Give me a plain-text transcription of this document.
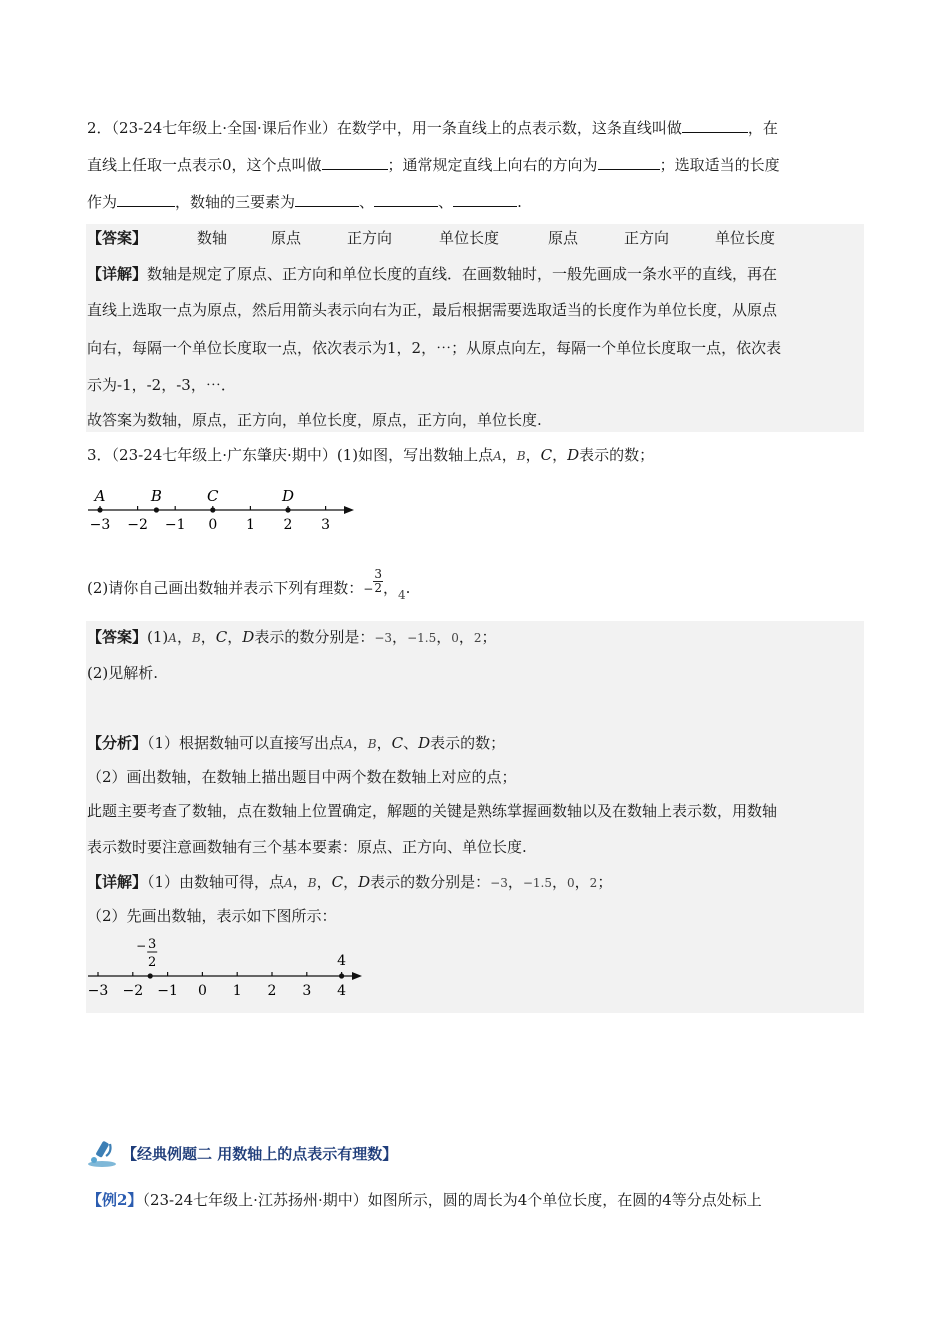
2．（23-24七年级上·全国·课后作业）在数学中，用一条直线上的点表示数，这条直线叫做	，在
直线上任取一点表示0，这个点叫做	；通常规定直线上向右的方向为	；选取适当的长度
作为	，数轴的三要素为	、	、	.
【答案】	数轴	原点	正方向	单位长度	原点	正方向	单位长度
【详解】数轴是规定了原点、正方向和单位长度的直线．在画数轴时，一般先画成一条水平的直线，再在
直线上选取一点为原点，然后用箭头表示向右为正，最后根据需要选取适当的长度作为单位长度，从原点
向右，每隔一个单位长度取一点，依次表示为1，2，⋯；从原点向左，每隔一个单位长度取一点，依次表
示为-1，-2，-3，⋯．
故答案为数轴，原点，正方向，单位长度，原点，正方向，单位长度.
3．（23-24七年级上·广东肇庆·期中）(1)如图，写出数轴上点A，B，C，D表示的数；
−3 −2 −1 0 1 2 3
A	B	C	D
(2)请你自己画出数轴并表示下列有理数：− $\frac{3}{2}$ ，$_4$.
【答案】(1)A，B，C，D表示的数分别是：−3，−1.5，0，2；
(2)见解析.
【分析】（1）根据数轴可以直接写出点A，B，C、D表示的数；
（2）画出数轴，在数轴上描出题目中两个数在数轴上对应的点；
此题主要考查了数轴，点在数轴上位置确定，解题的关键是熟练掌握画数轴以及在数轴上表示数，用数轴
表示数时要注意画数轴有三个基本要素：原点、正方向、单位长度.
【详解】（1）由数轴可得，点A，B，C，D表示的数分别是：−3，−1.5，0，2；
（2）先画出数轴，表示如下图所示：
−3 −2 −1 0 1 2 3 4
− 3
2	4
【经典例题二 用数轴上的点表示有理数】
【例2】（23-24七年级上·江苏扬州·期中）如图所示，圆的周长为4个单位长度，在圆的4等分点处标上
